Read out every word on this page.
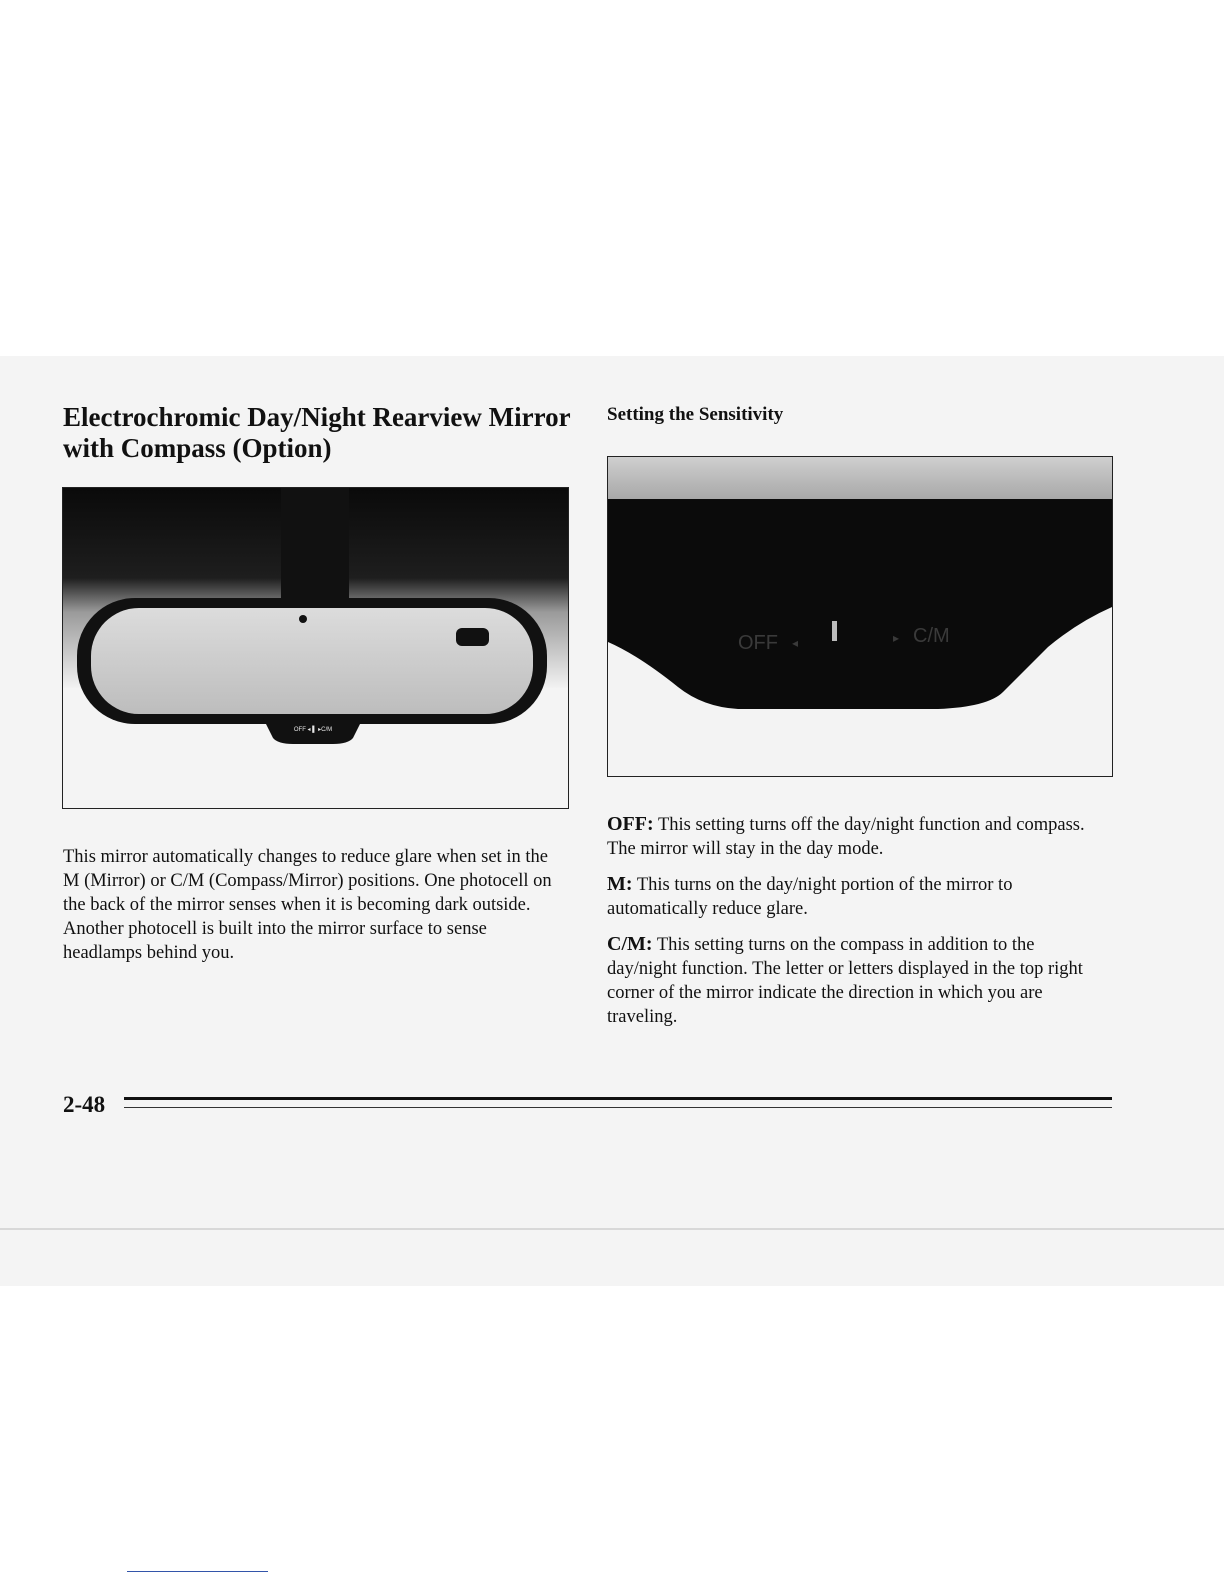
Electrochromic Day/Night Rearview Mirror with Compass (Option)
Setting the Sensitivity
OFF ◂ ▌ ▸C/M
OFF ◂	▸ C/M

This mirror automatically changes to reduce glare when set in the M (Mirror) or C/M (Compass/Mirror) positions. One photocell on the back of the mirror senses when it is becoming dark outside. Another photocell is built into the mirror surface to sense headlamps behind you.

OFF: This setting turns off the day/night function and compass. The mirror will stay in the day mode.

M: This turns on the day/night portion of the mirror to automatically reduce glare.

C/M: This setting turns on the compass in addition to the day/night function. The letter or letters displayed in the top right corner of the mirror indicate the direction in which you are traveling.

2-48
